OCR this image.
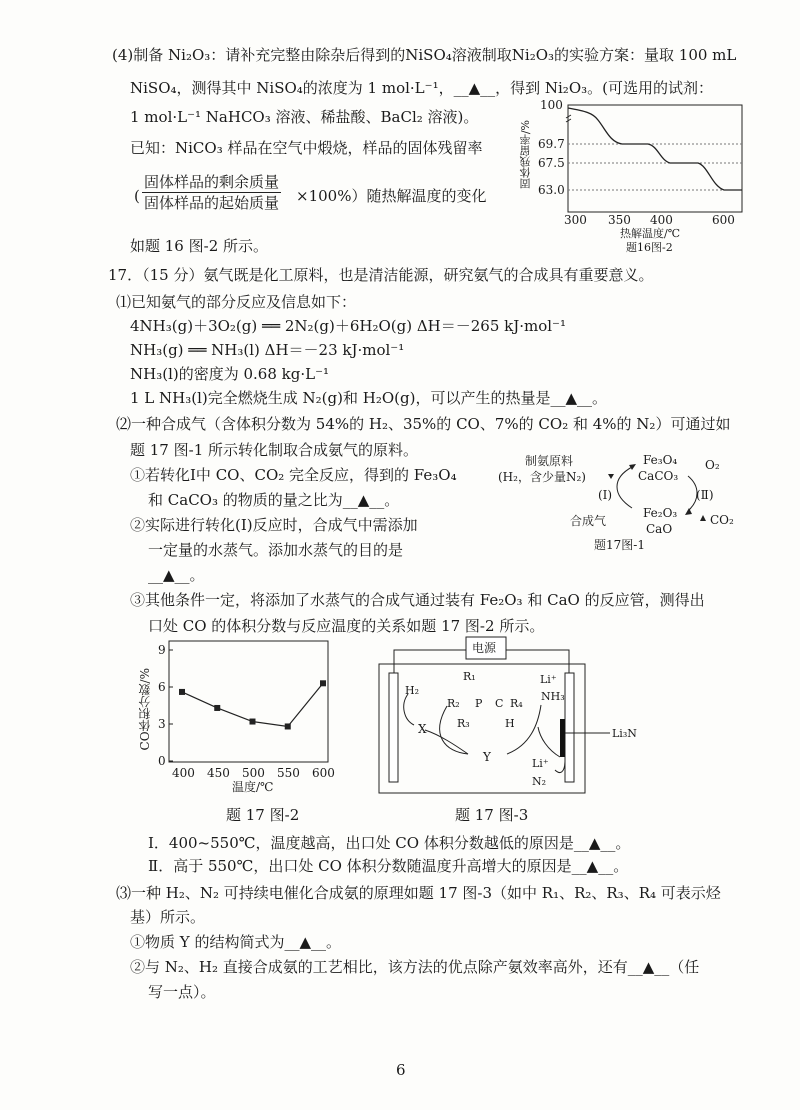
(4)制备 Ni₂O₃：请补充完整由除杂后得到的NiSO₄溶液制取Ni₂O₃的实验方案：量取 100 mL
NiSO₄，测得其中 NiSO₄的浓度为 1 mol·L⁻¹，__▲__，得到 Ni₂O₃。(可选用的试剂：
1 mol·L⁻¹ NaHCO₃ 溶液、稀盐酸、BaCl₂ 溶液)。
已知：NiCO₃ 样品在空气中煅烧，样品的固体残留率
(
固体样品的剩余质量
固体样品的起始质量 ×100%）随热解温度的变化
如题 16 图-2 所示。
固体残留率/%
100
69.7
67.5
63.0
300 350 400	600
热解温度/℃
题16图-2
17．（15 分）氨气既是化工原料，也是清洁能源，研究氨气的合成具有重要意义。
⑴已知氨气的部分反应及信息如下：
4NH₃(g)＋3O₂(g) ══ 2N₂(g)＋6H₂O(g) ΔH＝－265 kJ·mol⁻¹
NH₃(g) ══ NH₃(l) ΔH＝－23 kJ·mol⁻¹
NH₃(l)的密度为 0.68 kg·L⁻¹
1 L NH₃(l)完全燃烧生成 N₂(g)和 H₂O(g)，可以产生的热量是__▲__。
⑵一种合成气（含体积分数为 54%的 H₂、35%的 CO、7%的 CO₂ 和 4%的 N₂）可通过如
题 17 图-1 所示转化制取合成氨气的原料。
①若转化Ⅰ中 CO、CO₂ 完全反应，得到的 Fe₃O₄
和 CaCO₃ 的物质的量之比为__▲__。
②实际进行转化(Ⅰ)反应时，合成气中需添加
一定量的水蒸气。添加水蒸气的目的是
__▲__。
③其他条件一定，将添加了水蒸气的合成气通过装有 Fe₂O₃ 和 CaO 的反应管，测得出
口处 CO 的体积分数与反应温度的关系如题 17 图-2 所示。
制氨原料
(H₂，含少量N₂)
Fe₃O₄
CaCO₃
O₂
(Ⅰ)	(Ⅱ)
合成气
Fe₂O₃
CaO
CO₂
题17图-1
CO体积分数/%
0
3
6
9
400 450 500 550 600
温度/℃
题 17 图-2
电源
H₂
X
Y
R₁
R₂
R₃
R₄
P C
H
Li⁺
NH₃
Li₃N
Li⁺
N₂
题 17 图-3
Ⅰ．400~550℃，温度越高，出口处 CO 体积分数越低的原因是__▲__。
Ⅱ．高于 550℃，出口处 CO 体积分数随温度升高增大的原因是__▲__。
⑶一种 H₂、N₂ 可持续电催化合成氨的原理如题 17 图-3（如中 R₁、R₂、R₃、R₄ 可表示烃
基）所示。
①物质 Y 的结构简式为__▲__。
②与 N₂、H₂ 直接合成氨的工艺相比，该方法的优点除产氨效率高外，还有__▲__（任
写一点）。
6
